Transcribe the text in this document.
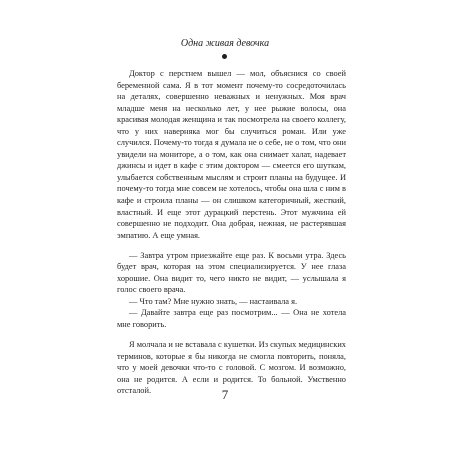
Одна живая девочка

Доктор с перстнем вышел — мол, объяснися со своей беременной сама. Я в тот момент почему-то сосредоточилась на деталях, совершенно неважных и ненужных. Моя врач младше меня на несколько лет, у нее рыжие волосы, она красивая молодая женщина и так посмотрела на своего коллегу, что у них наверняка мог бы случиться роман. Или уже случился. Почему-то тогда я думала не о себе, не о том, что они увидели на мониторе, а о том, как она снимает халат, надевает джинсы и идет в кафе с этим доктором — смеется его шуткам, улыбается собственным мыслям и строит планы на будущее. И почему-то тогда мне совсем не хотелось, чтобы она шла с ним в кафе и строила планы — он слишком категоричный, жесткий, властный. И еще этот дурацкий перстень. Этот мужчина ей совершенно не подходит. Она добрая, нежная, не растерявшая эмпатию. А еще умная.

— Завтра утром приезжайте еще раз. К восьми утра. Здесь будет врач, которая на этом специализируется. У нее глаза хорошие. Она видит то, чего никто не видит, — услышала я голос своего врача.

— Что там? Мне нужно знать, — настаивала я.

— Давайте завтра еще раз посмотрим... — Она не хотела мне говорить.

Я молчала и не вставала с кушетки. Из скупых медицинских терминов, которые я бы никогда не смогла повторить, поняла, что у моей девочки что-то с головой. С мозгом. И возможно, она не родится. А если и родится. То больной. Умственно отсталой.	7
